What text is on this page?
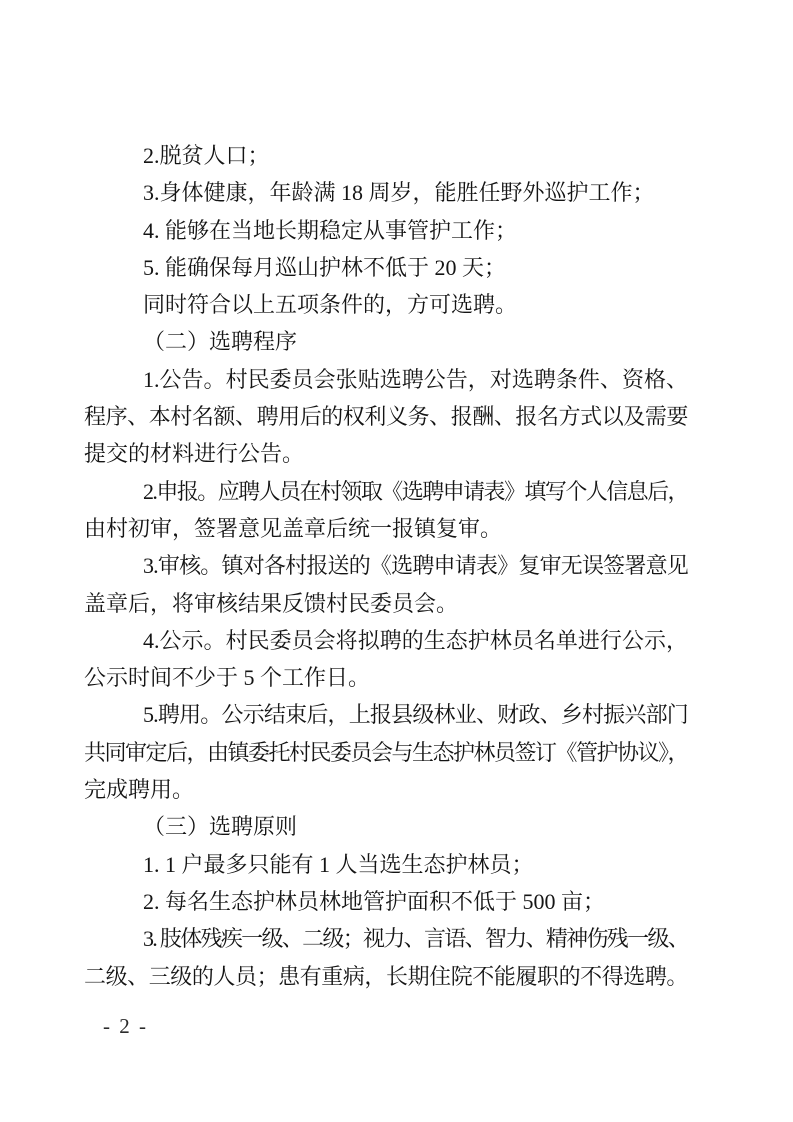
2.脱贫人口；
3.身体健康，年龄满 18 周岁，能胜任野外巡护工作；
4. 能够在当地长期稳定从事管护工作；
5. 能确保每月巡山护林不低于 20 天；
同时符合以上五项条件的，方可选聘。
（二）选聘程序
1.公告。村民委员会张贴选聘公告，对选聘条件、资格、
程序、本村名额、聘用后的权利义务、报酬、报名方式以及需要
提交的材料进行公告。
2.申报。应聘人员在村领取《选聘申请表》填写个人信息后，
由村初审，签署意见盖章后统一报镇复审。
3.审核。镇对各村报送的《选聘申请表》复审无误签署意见
盖章后，将审核结果反馈村民委员会。
4.公示。村民委员会将拟聘的生态护林员名单进行公示，
公示时间不少于 5 个工作日。
5.聘用。公示结束后，上报县级林业、财政、乡村振兴部门
共同审定后，由镇委托村民委员会与生态护林员签订《管护协议》，
完成聘用。
（三）选聘原则
1. 1 户最多只能有 1 人当选生态护林员；
2. 每名生态护林员林地管护面积不低于 500 亩；
3. 肢体残疾一级、二级；视力、言语、智力、精神伤残一级、
二级、三级的人员；患有重病，长期住院不能履职的不得选聘。
- 2 -
